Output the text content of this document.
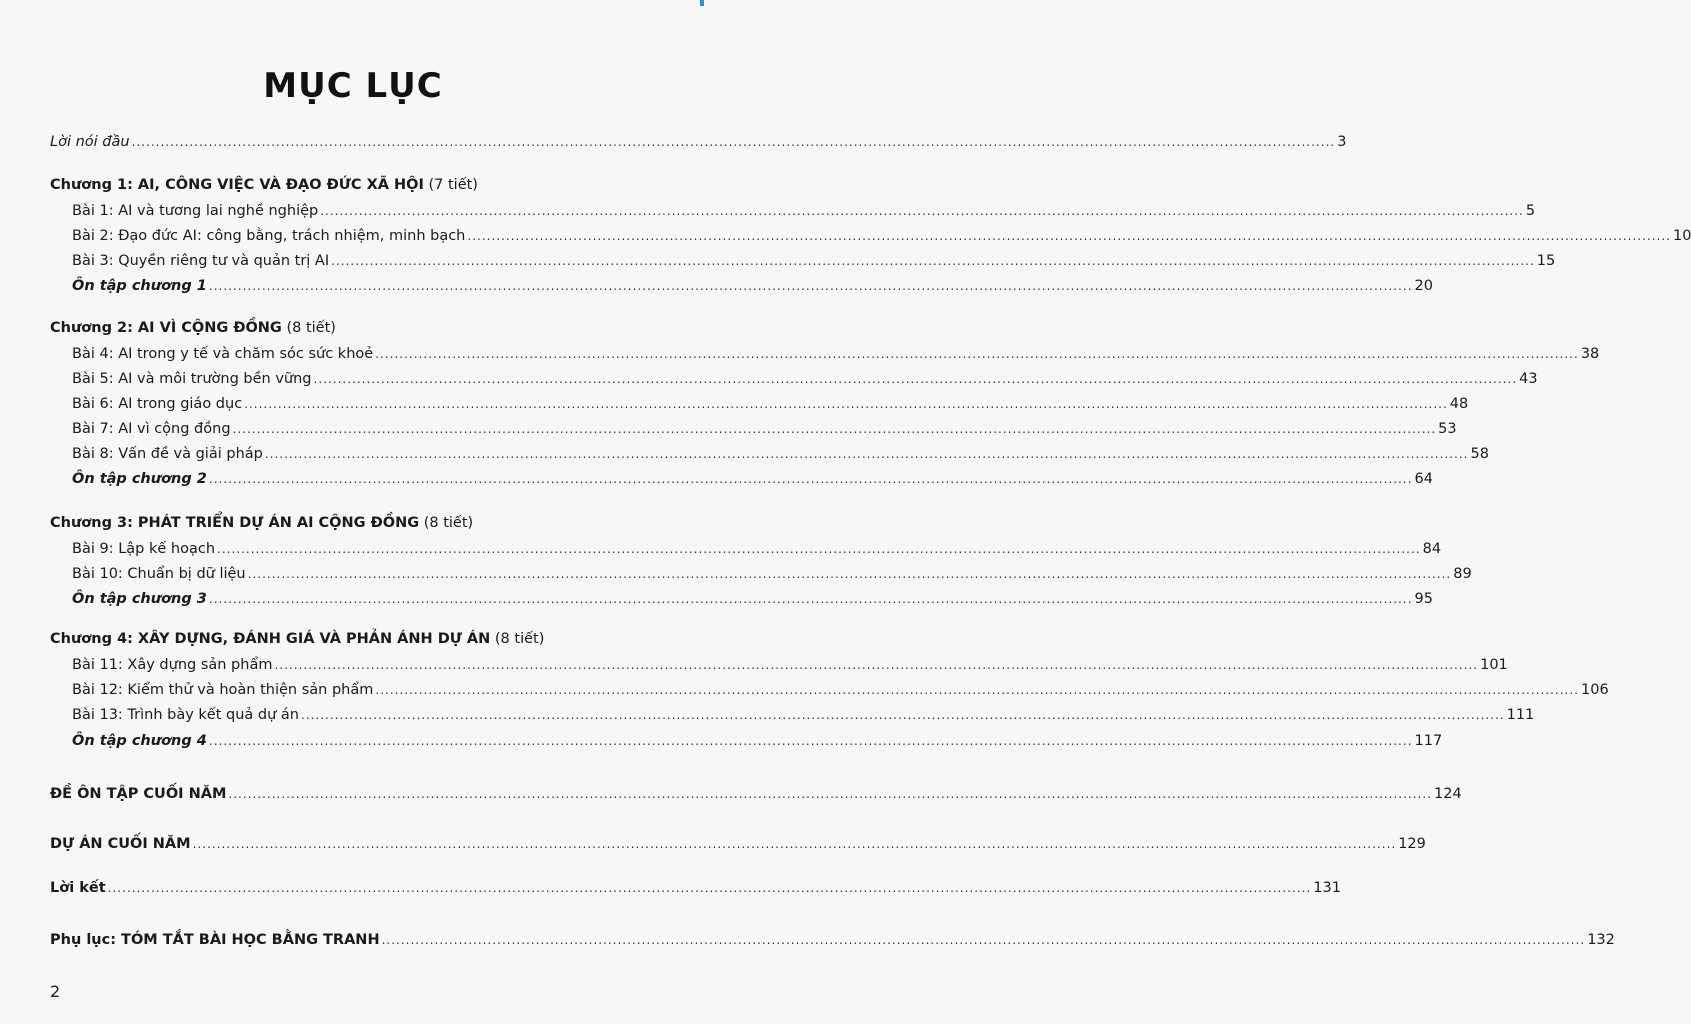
MỤC LỤC
Lời nói đầu .......................................................................................................................................................................................................................................................... 3
Chương 1: AI, CÔNG VIỆC VÀ ĐẠO ĐỨC XÃ HỘI (7 tiết)
Bài 1: AI và tương lai nghề nghiệp .......................................................................................................................................................................................................................................................... 5
Bài 2: Đạo đức AI: công bằng, trách nhiệm, minh bạch .......................................................................................................................................................................................................................................................... 10
Bài 3: Quyền riêng tư và quản trị AI .......................................................................................................................................................................................................................................................... 15
Ôn tập chương 1 .......................................................................................................................................................................................................................................................... 20
Chương 2: AI VÌ CỘNG ĐỒNG (8 tiết)
Bài 4: AI trong y tế và chăm sóc sức khoẻ .......................................................................................................................................................................................................................................................... 38
Bài 5: AI và môi trường bền vững .......................................................................................................................................................................................................................................................... 43
Bài 6: AI trong giáo dục .......................................................................................................................................................................................................................................................... 48
Bài 7: AI vì cộng đồng .......................................................................................................................................................................................................................................................... 53
Bài 8: Vấn đề và giải pháp .......................................................................................................................................................................................................................................................... 58
Ôn tập chương 2 .......................................................................................................................................................................................................................................................... 64
Chương 3: PHÁT TRIỂN DỰ ÁN AI CỘNG ĐỒNG (8 tiết)
Bài 9: Lập kế hoạch .......................................................................................................................................................................................................................................................... 84
Bài 10: Chuẩn bị dữ liệu .......................................................................................................................................................................................................................................................... 89
Ôn tập chương 3 .......................................................................................................................................................................................................................................................... 95
Chương 4: XÂY DỰNG, ĐÁNH GIÁ VÀ PHẢN ÁNH DỰ ÁN (8 tiết)
Bài 11: Xây dựng sản phẩm .......................................................................................................................................................................................................................................................... 101
Bài 12: Kiểm thử và hoàn thiện sản phẩm .......................................................................................................................................................................................................................................................... 106
Bài 13: Trình bày kết quả dự án .......................................................................................................................................................................................................................................................... 111
Ôn tập chương 4 .......................................................................................................................................................................................................................................................... 117
ĐỀ ÔN TẬP CUỐI NĂM .......................................................................................................................................................................................................................................................... 124
DỰ ÁN CUỐI NĂM .......................................................................................................................................................................................................................................................... 129
Lời kết .......................................................................................................................................................................................................................................................... 131
Phụ lục: TÓM TẮT BÀI HỌC BẰNG TRANH .......................................................................................................................................................................................................................................................... 132
2
